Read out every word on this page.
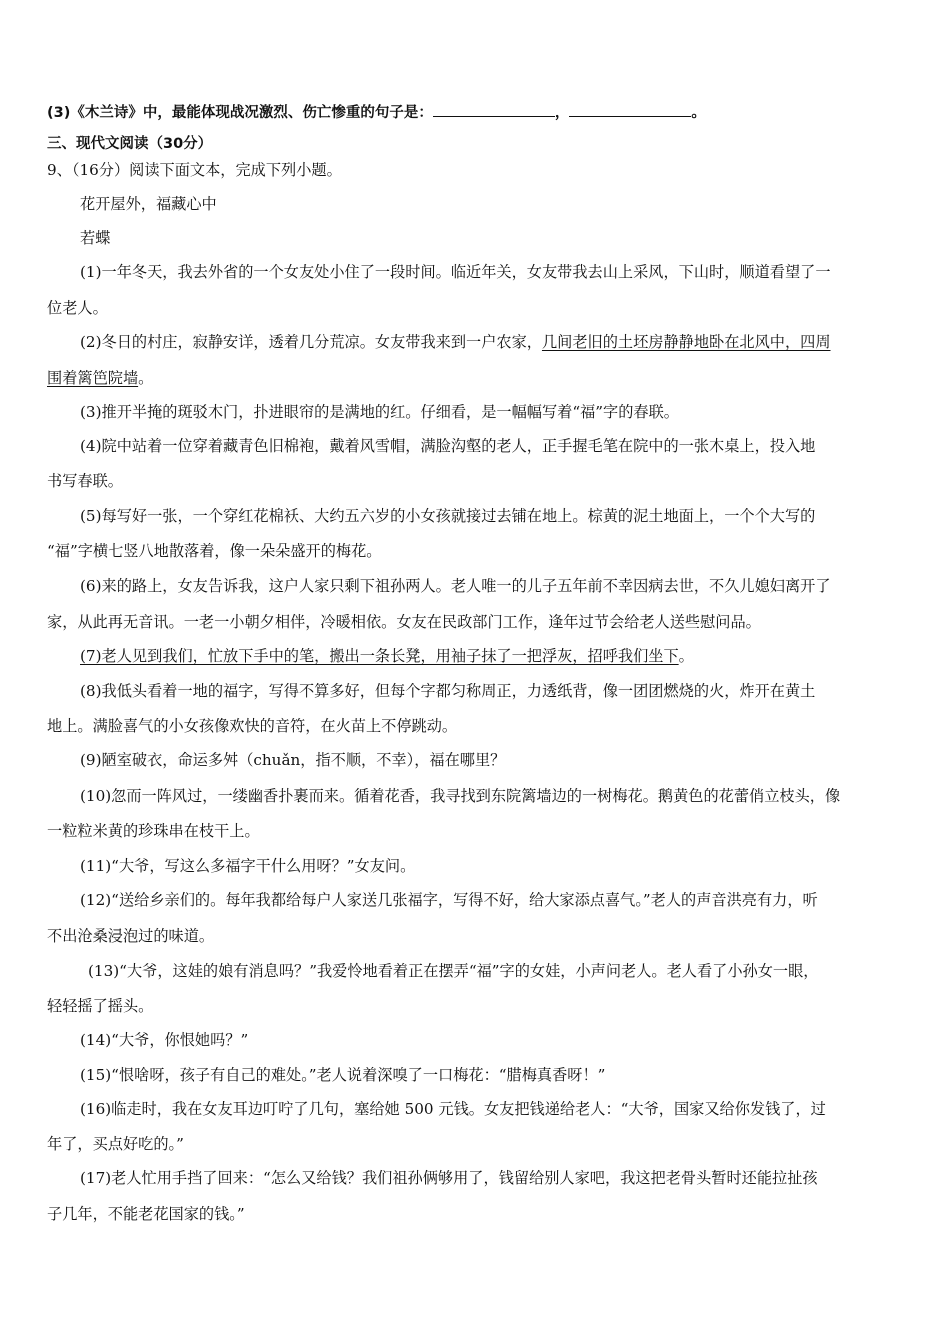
(3)《木兰诗》中，最能体现战况激烈、伤亡惨重的句子是：	，	。
三、现代文阅读（30分）
9、（16分）阅读下面文本，完成下列小题。
花开屋外，福藏心中
若蝶
(1)一年冬天，我去外省的一个女友处小住了一段时间。临近年关，女友带我去山上采风，下山时，顺道看望了一
位老人。
(2)冬日的村庄，寂静安详，透着几分荒凉。女友带我来到一户农家，几间老旧的土坯房静静地卧在北风中，四周
围着篱笆院墙。
(3)推开半掩的斑驳木门，扑进眼帘的是满地的红。仔细看，是一幅幅写着“福”字的春联。
(4)院中站着一位穿着藏青色旧棉袍，戴着风雪帽，满脸沟壑的老人，正手握毛笔在院中的一张木桌上，投入地
书写春联。
(5)每写好一张，一个穿红花棉袄、大约五六岁的小女孩就接过去铺在地上。棕黄的泥土地面上，一个个大写的
“福”字横七竖八地散落着，像一朵朵盛开的梅花。
(6)来的路上，女友告诉我，这户人家只剩下祖孙两人。老人唯一的儿子五年前不幸因病去世，不久儿媳妇离开了
家，从此再无音讯。一老一小朝夕相伴，冷暖相依。女友在民政部门工作，逢年过节会给老人送些慰问品。
(7)老人见到我们，忙放下手中的笔，搬出一条长凳，用袖子抹了一把浮灰，招呼我们坐下。
(8)我低头看着一地的福字，写得不算多好，但每个字都匀称周正，力透纸背，像一团团燃烧的火，炸开在黄土
地上。满脸喜气的小女孩像欢快的音符，在火苗上不停跳动。
(9)陋室破衣，命运多舛（chuǎn，指不顺，不幸），福在哪里？
(10)忽而一阵风过，一缕幽香扑裹而来。循着花香，我寻找到东院篱墙边的一树梅花。鹅黄色的花蕾俏立枝头，像
一粒粒米黄的珍珠串在枝干上。
(11)“大爷，写这么多福字干什么用呀？”女友问。
(12)“送给乡亲们的。每年我都给每户人家送几张福字，写得不好，给大家添点喜气。”老人的声音洪亮有力，听
不出沧桑浸泡过的味道。
(13)“大爷，这娃的娘有消息吗？”我爱怜地看着正在摆弄“福”字的女娃，小声问老人。老人看了小孙女一眼，
轻轻摇了摇头。
(14)“大爷，你恨她吗？”
(15)“恨啥呀，孩子有自己的难处。”老人说着深嗅了一口梅花：“腊梅真香呀！”
(16)临走时，我在女友耳边叮咛了几句，塞给她 500 元钱。女友把钱递给老人：“大爷，国家又给你发钱了，过
年了，买点好吃的。”
(17)老人忙用手挡了回来：“怎么又给钱？我们祖孙俩够用了，钱留给别人家吧，我这把老骨头暂时还能拉扯孩
子几年，不能老花国家的钱。”
